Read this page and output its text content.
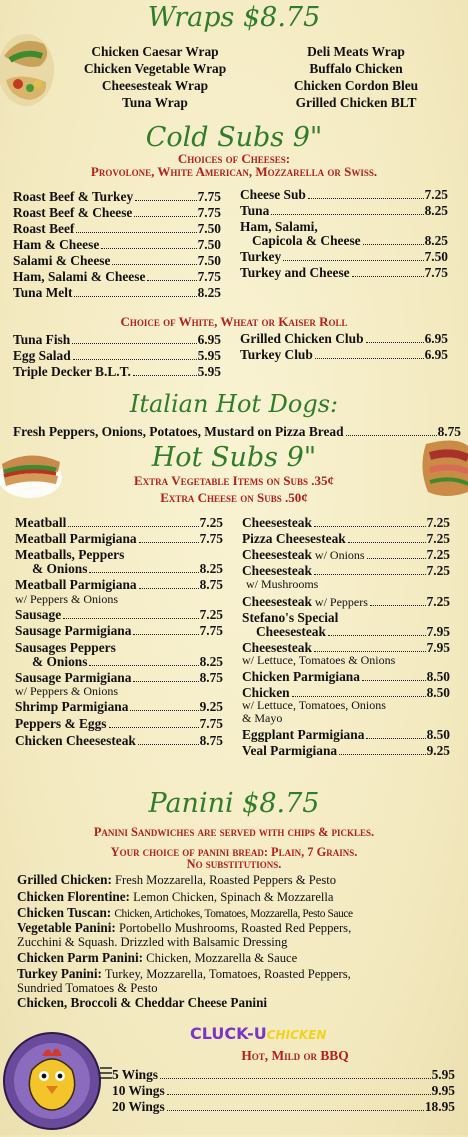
Wraps $8.75
Chicken Caesar Wrap
Chicken Vegetable Wrap
Cheesesteak Wrap
Tuna Wrap
Deli Meats Wrap
Buffalo Chicken
Chicken Cordon Bleu
Grilled Chicken BLT
Cold Subs 9"
Choices of Cheeses:
Provolone, White American, Mozzarella or Swiss.
Roast Beef & Turkey	7.75
Roast Beef & Cheese	7.75
Roast Beef	7.50
Ham & Cheese	7.50
Salami & Cheese	7.50
Ham, Salami & Cheese	7.75
Tuna Melt	8.25
Cheese Sub	7.25
Tuna	8.25
Ham, Salami,
Capicola & Cheese	8.25
Turkey	7.50
Turkey and Cheese	7.75
Choice of White, Wheat or Kaiser Roll
Tuna Fish	6.95
Egg Salad	5.95
Triple Decker B.L.T.	5.95
Grilled Chicken Club	6.95
Turkey Club	6.95
Italian Hot Dogs:
Fresh Peppers, Onions, Potatoes, Mustard on Pizza Bread	8.75
Hot Subs 9"
Extra Vegetable Items on Subs .35¢
Extra Cheese on Subs .50¢
Meatball	7.25
Meatball Parmigiana	7.75
Meatballs, Peppers
& Onions	8.25
Meatball Parmigiana	8.75
w/ Peppers & Onions
Sausage	7.25
Sausage Parmigiana	7.75
Sausages Peppers
& Onions	8.25
Sausage Parmigiana	8.75
w/ Peppers & Onions
Shrimp Parmigiana	9.25
Peppers & Eggs	7.75
Chicken Cheesesteak	8.75
Cheesesteak	7.25
Pizza Cheesesteak	7.25
Cheesesteak w/ Onions	7.25
Cheesesteak	7.25
w/ Mushrooms
Cheesesteak w/ Peppers	7.25
Stefano's Special
Cheesesteak	7.95
Cheesesteak	7.95
w/ Lettuce, Tomatoes & Onions
Chicken Parmigiana	8.50
Chicken	8.50
w/ Lettuce, Tomatoes, Onions
& Mayo
Eggplant Parmigiana	8.50
Veal Parmigiana	9.25
Panini $8.75
Panini Sandwiches are served with chips & pickles.
Your choice of panini bread: Plain, 7 Grains.
No substitutions.
Grilled Chicken: Fresh Mozzarella, Roasted Peppers & Pesto
Chicken Florentine: Lemon Chicken, Spinach & Mozzarella
Chicken Tuscan: Chicken, Artichokes, Tomatoes, Mozzarella, Pesto Sauce
Vegetable Panini: Portobello Mushrooms, Roasted Red Peppers,
Zucchini & Squash. Drizzled with Balsamic Dressing
Chicken Parm Panini: Chicken, Mozzarella & Sauce
Turkey Panini: Turkey, Mozzarella, Tomatoes, Roasted Peppers,
Sundried Tomatoes & Pesto
Chicken, Broccoli & Cheddar Cheese Panini
CLUCK-UCHICKEN
Hot, Mild or BBQ
5 Wings	5.95
10 Wings	9.95
20 Wings	18.95
